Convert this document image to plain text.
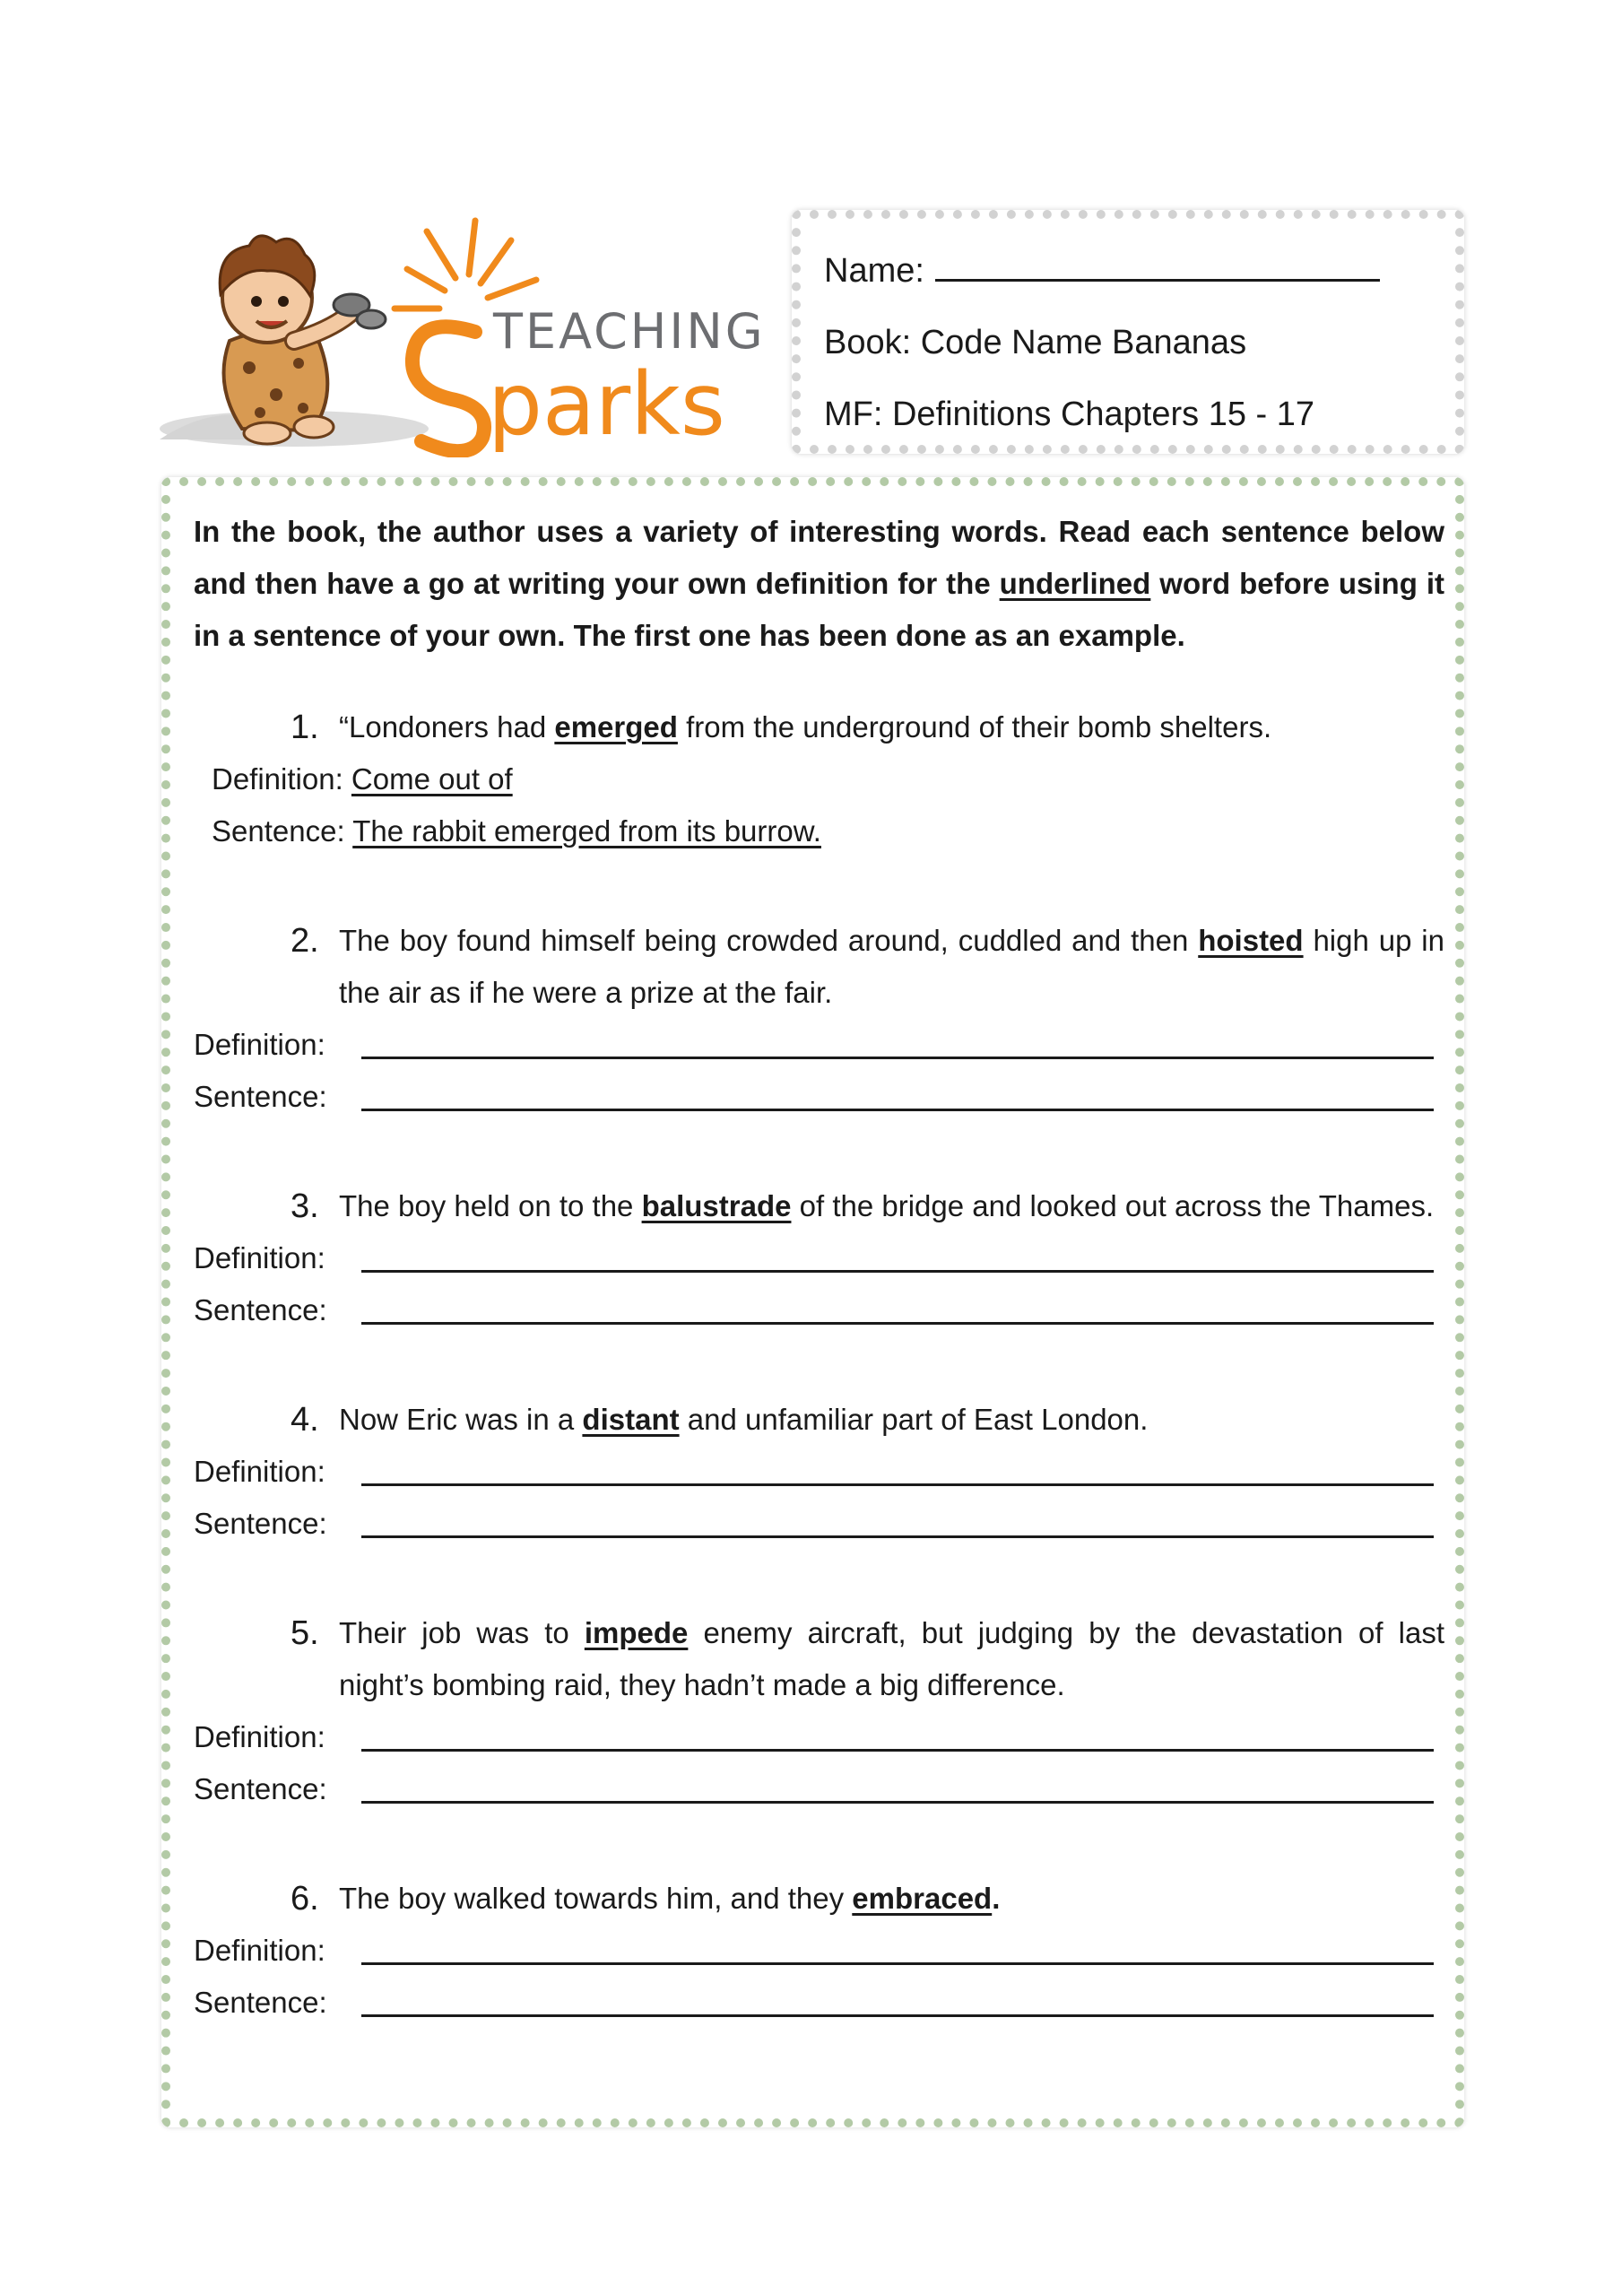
TEACHING
parks
Name:
Book: Code Name Bananas
MF: Definitions Chapters 15 - 17
In the book, the author uses a variety of interesting words. Read each sentence below and then have a go at writing your own definition for the underlined word before using it in a sentence of your own. The first one has been done as an example.
1. “Londoners had emerged from the underground of their bomb shelters.
Definition: Come out of
Sentence: The rabbit emerged from its burrow.
2. The boy found himself being crowded around, cuddled and then hoisted high up in the air as if he were a prize at the fair.
Definition:
Sentence:
3. The boy held on to the balustrade of the bridge and looked out across the Thames.
Definition:
Sentence:
4. Now Eric was in a distant and unfamiliar part of East London.
Definition:
Sentence:
5. Their job was to impede enemy aircraft, but judging by the devastation of last night’s bombing raid, they hadn’t made a big difference.
Definition:
Sentence:
6. The boy walked towards him, and they embraced.
Definition:
Sentence:
